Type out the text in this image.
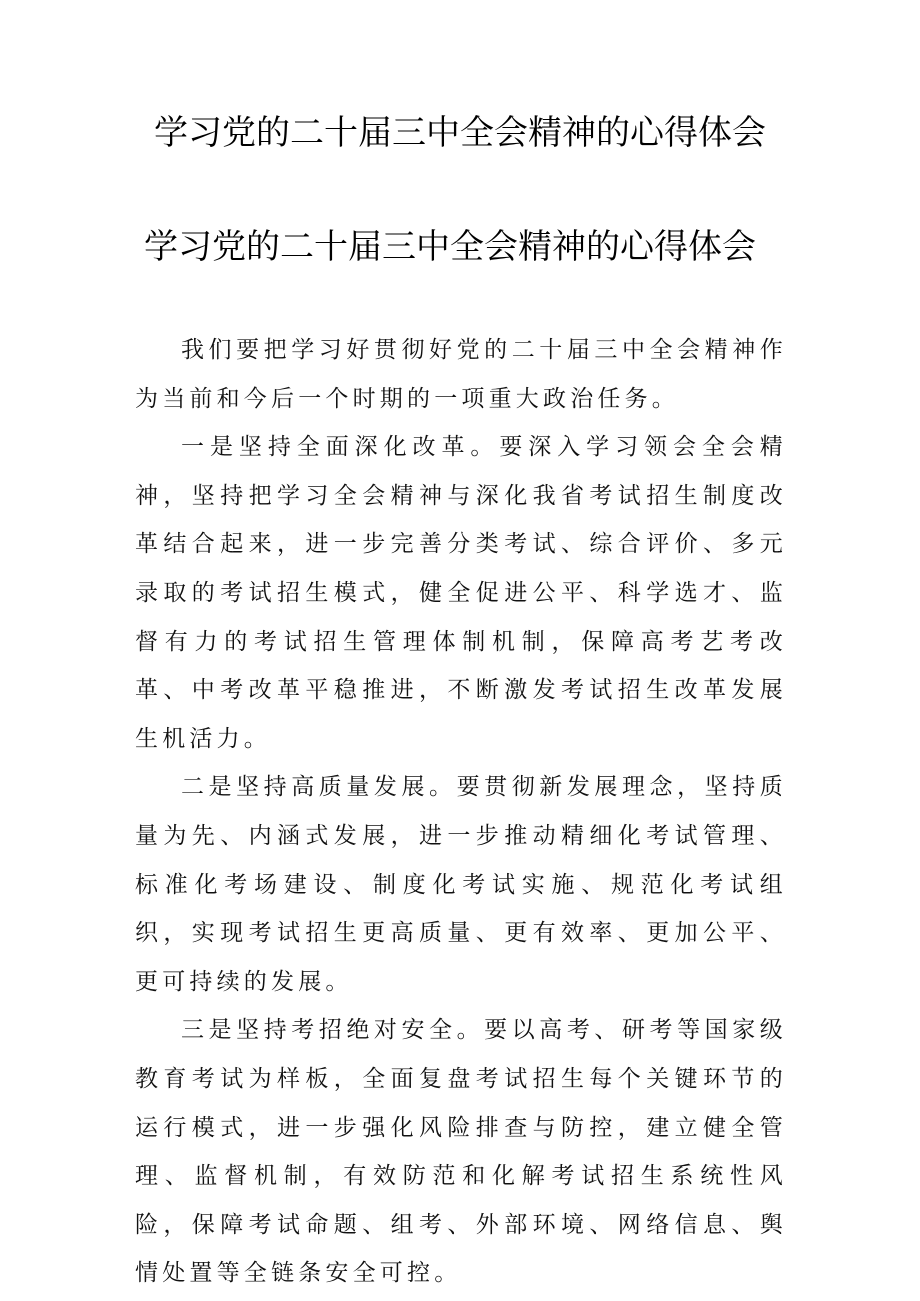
学习党的二十届三中全会精神的心得体会
学习党的二十届三中全会精神的心得体会

我们要把学习好贯彻好党的二十届三中全会精神作为当前和今后一个时期的一项重大政治任务。

一是坚持全面深化改革。要深入学习领会全会精神，坚持把学习全会精神与深化我省考试招生制度改革结合起来，进一步完善分类考试、综合评价、多元录取的考试招生模式，健全促进公平、科学选才、监督有力的考试招生管理体制机制，保障高考艺考改革、中考改革平稳推进，不断激发考试招生改革发展生机活力。

二是坚持高质量发展。要贯彻新发展理念，坚持质量为先、内涵式发展，进一步推动精细化考试管理、标准化考场建设、制度化考试实施、规范化考试组织，实现考试招生更高质量、更有效率、更加公平、更可持续的发展。

三是坚持考招绝对安全。要以高考、研考等国家级教育考试为样板，全面复盘考试招生每个关键环节的运行模式，进一步强化风险排查与防控，建立健全管理、监督机制，有效防范和化解考试招生系统性风险，保障考试命题、组考、外部环境、网络信息、舆情处置等全链条安全可控。
